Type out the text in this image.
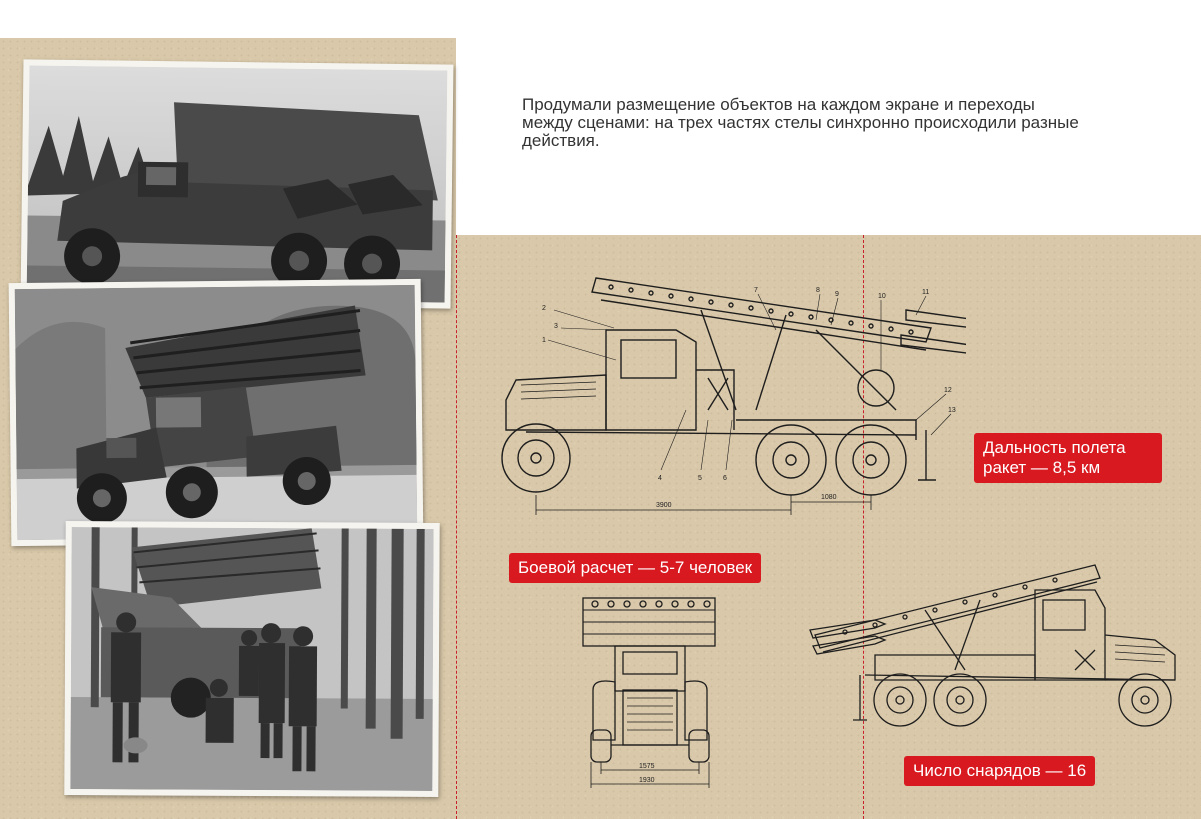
Продумали размещение объектов на каждом экране и переходы между сценами: на трех частях стелы синхронно происходили разные действия.

1
2
3
4	5	6
7	8
9	10
11
12
13
3900
1080
1575
1930
Дальность полета ракет — 8,5 км
Боевой расчет — 5-7 человек
Число снарядов — 16
